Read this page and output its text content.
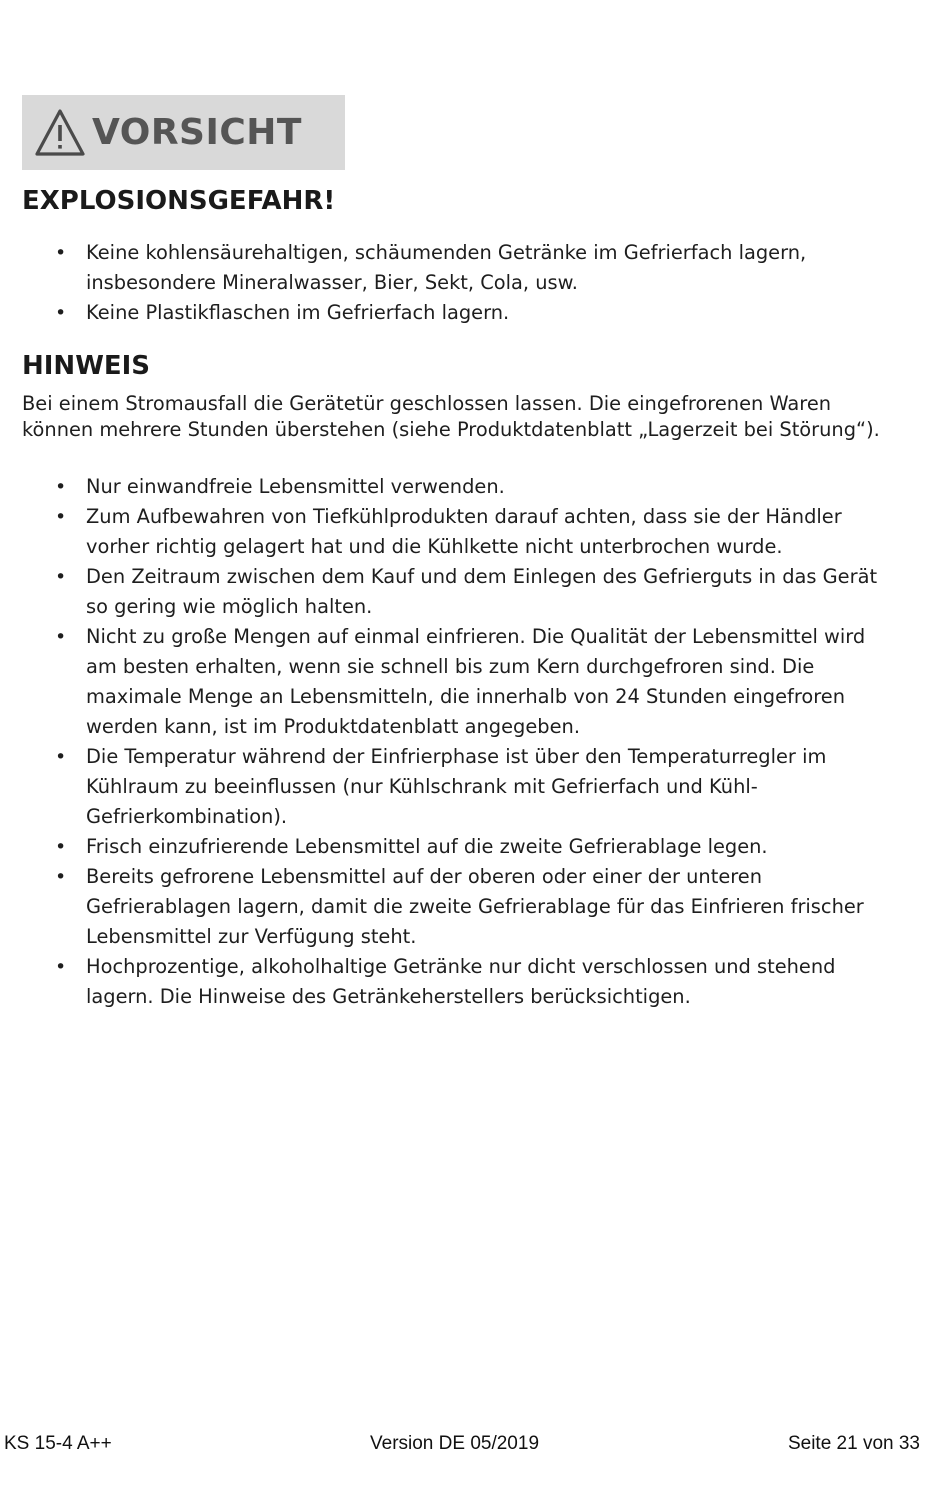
VORSICHT
EXPLOSIONSGEFAHR!
• Keine kohlensäurehaltigen, schäumenden Getränke im Gefrierfach lagern, insbesondere Mineralwasser, Bier, Sekt, Cola, usw.
• Keine Plastikflaschen im Gefrierfach lagern.
HINWEIS

Bei einem Stromausfall die Gerätetür geschlossen lassen. Die eingefrorenen Waren können mehrere Stunden überstehen (siehe Produktdatenblatt „Lagerzeit bei Störung“).

• Nur einwandfreie Lebensmittel verwenden.
• Zum Aufbewahren von Tiefkühlprodukten darauf achten, dass sie der Händler vorher richtig gelagert hat und die Kühlkette nicht unterbrochen wurde.
• Den Zeitraum zwischen dem Kauf und dem Einlegen des Gefrierguts in das Gerät so gering wie möglich halten.
• Nicht zu große Mengen auf einmal einfrieren. Die Qualität der Lebensmittel wird am besten erhalten, wenn sie schnell bis zum Kern durchgefroren sind. Die maximale Menge an Lebensmitteln, die innerhalb von 24 Stunden eingefroren werden kann, ist im Produktdatenblatt angegeben.
• Die Temperatur während der Einfrierphase ist über den Temperaturregler im Kühlraum zu beeinflussen (nur Kühlschrank mit Gefrierfach und Kühl-Gefrierkombination).
• Frisch einzufrierende Lebensmittel auf die zweite Gefrierablage legen.
• Bereits gefrorene Lebensmittel auf der oberen oder einer der unteren Gefrierablagen lagern, damit die zweite Gefrierablage für das Einfrieren frischer Lebensmittel zur Verfügung steht.
• Hochprozentige, alkoholhaltige Getränke nur dicht verschlossen und stehend lagern. Die Hinweise des Getränkeherstellers berücksichtigen.
KS 15-4 A++	Version DE 05/2019	Seite 21 von 33
